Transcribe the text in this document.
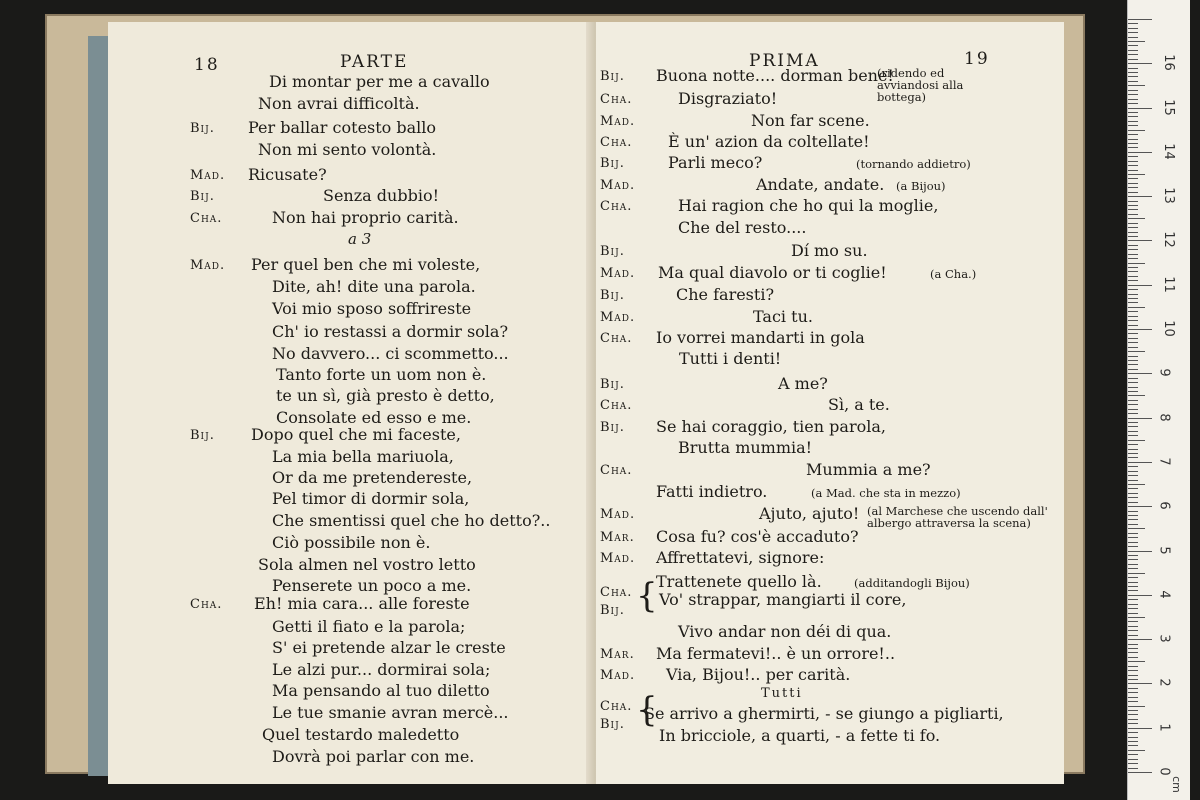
18	PARTE
Di montar per me a cavallo
Non avrai difficoltà.
Bij. Per ballar cotesto ballo
Non mi sento volontà.
Mad. Ricusate?
Bij.	Senza dubbio!
Cha.	Non hai proprio carità.
a 3
Mad. Per quel ben che mi voleste,
Dite, ah! dite una parola.
Voi mio sposo soffrireste
Ch' io restassi a dormir sola?
No davvero... ci scommetto...
Tanto forte un uom non è.
te un sì, già presto è detto,
Consolate ed esso e me.
Bij. Dopo quel che mi faceste,
La mia bella mariuola,
Or da me pretendereste,
Pel timor di dormir sola,
Che smentissi quel che ho detto?..
Ciò possibile non è.
Sola almen nel vostro letto
Penserete un poco a me.
Cha. Eh! mia cara... alle foreste
Getti il fiato e la parola;
S' ei pretende alzar le creste
Le alzi pur... dormirai sola;
Ma pensando al tuo diletto
Le tue smanie avran mercè...
Quel testardo maledetto
Dovrà poi parlar con me.
PRIMA	19
Bij. Buona notte.... dorman bene!
(ridendo ed avviandosi alla bottega)
Cha.	Disgraziato!
Mad.	Non far scene.
Cha. È un' azion da coltellate!
Bij.	Parli meco?	(tornando addietro)
Mad.	Andate, andate. (a Bijou)
Cha.	Hai ragion che ho qui la moglie,
Che del resto....
Bij.	Dí mo su.
Mad. Ma qual diavolo or ti coglie!	(a Cha.)
Bij.	Che faresti?
Mad.	Taci tu.
Cha. Io vorrei mandarti in gola
Tutti i denti!
Bij.	A me?
Cha.	Sì, a te.
Bij. Se hai coraggio, tien parola,
Brutta mummia!
Cha.	Mummia a me?
Fatti indietro.	(a Mad. che sta in mezzo)
Mad.	Ajuto, ajuto! (al Marchese che uscendo dall' albergo attraversa la scena)
Mar. Cosa fu? cos'è accaduto?
Mad. Affrettatevi, signore:
Trattenete quello là.	(additandogli Bijou)
Cha.
Bij. { Vo' strappar, mangiarti il core,
Vivo andar non déi di qua.
Mar. Ma fermatevi!.. è un orrore!..
Mad. Via, Bijou!.. per carità.
Tutti
Cha.
Bij. {
Se arrivo a ghermirti, - se giungo a pigliarti,
In bricciole, a quarti, - a fette ti fo.
0
1
2
3
4
5
6
7
8
9
10
11
12
13
14
15
16
cm
